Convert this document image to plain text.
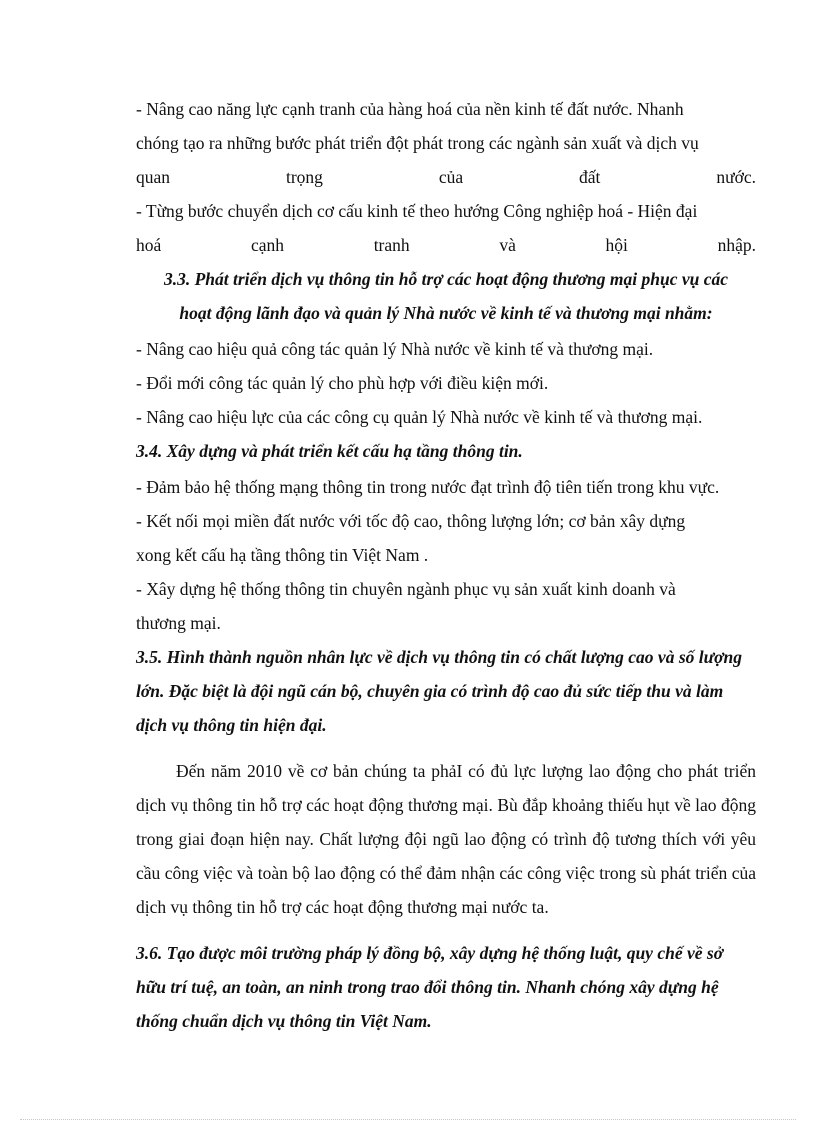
- Nâng cao năng lực cạnh tranh của hàng hoá của nền kinh tế đất nước. Nhanh
chóng tạo ra những bước phát triển đột phát trong các ngành sản xuất và dịch vụ
quan trọng của đất nước.
- Từng bước chuyển dịch cơ cấu kinh tế theo hướng Công nghiệp hoá - Hiện đại
hoá cạnh tranh và hội nhập.
3.3. Phát triển dịch vụ thông tin hỗ trợ các hoạt động thương mại phục vụ các
hoạt động lãnh đạo và quản lý Nhà nước về kinh tế và thương mại nhằm:
- Nâng cao hiệu quả công tác quản lý Nhà nước về kinh tế và thương mại.
- Đổi mới công tác quản lý cho phù hợp với điều kiện mới.
- Nâng cao hiệu lực của các công cụ quản lý Nhà nước về kinh tế và thương mại.
3.4. Xây dựng và phát triển kết cấu hạ tầng thông tin.
- Đảm bảo hệ thống mạng thông tin trong nước đạt trình độ tiên tiến trong khu vực.
- Kết nối mọi miền đất nước với tốc độ cao, thông lượng lớn; cơ bản xây dựng
xong kết cấu hạ tầng thông tin Việt Nam .
- Xây dựng hệ thống thông tin chuyên ngành phục vụ sản xuất kinh doanh và
thương mại.
3.5. Hình thành nguồn nhân lực về dịch vụ thông tin có chất lượng cao và số lượng lớn. Đặc biệt là đội ngũ cán bộ, chuyên gia có trình độ cao đủ sức tiếp thu và làm dịch vụ thông tin hiện đại.
Đến năm 2010 về cơ bản chúng ta phảI có đủ lực lượng lao động cho phát triển dịch vụ thông tin hỗ trợ các hoạt động thương mại. Bù đắp khoảng thiếu hụt về lao động trong giai đoạn hiện nay. Chất lượng đội ngũ lao động có trình độ tương thích với yêu cầu công việc và toàn bộ lao động có thể đảm nhận các công việc trong sù phát triển của dịch vụ thông tin hỗ trợ các hoạt động thương mại nước ta.
3.6. Tạo được môi trường pháp lý đồng bộ, xây dựng hệ thống luật, quy chế về sở hữu trí tuệ, an toàn, an ninh trong trao đổi thông tin. Nhanh chóng xây dựng hệ thống chuẩn dịch vụ thông tin Việt Nam.
